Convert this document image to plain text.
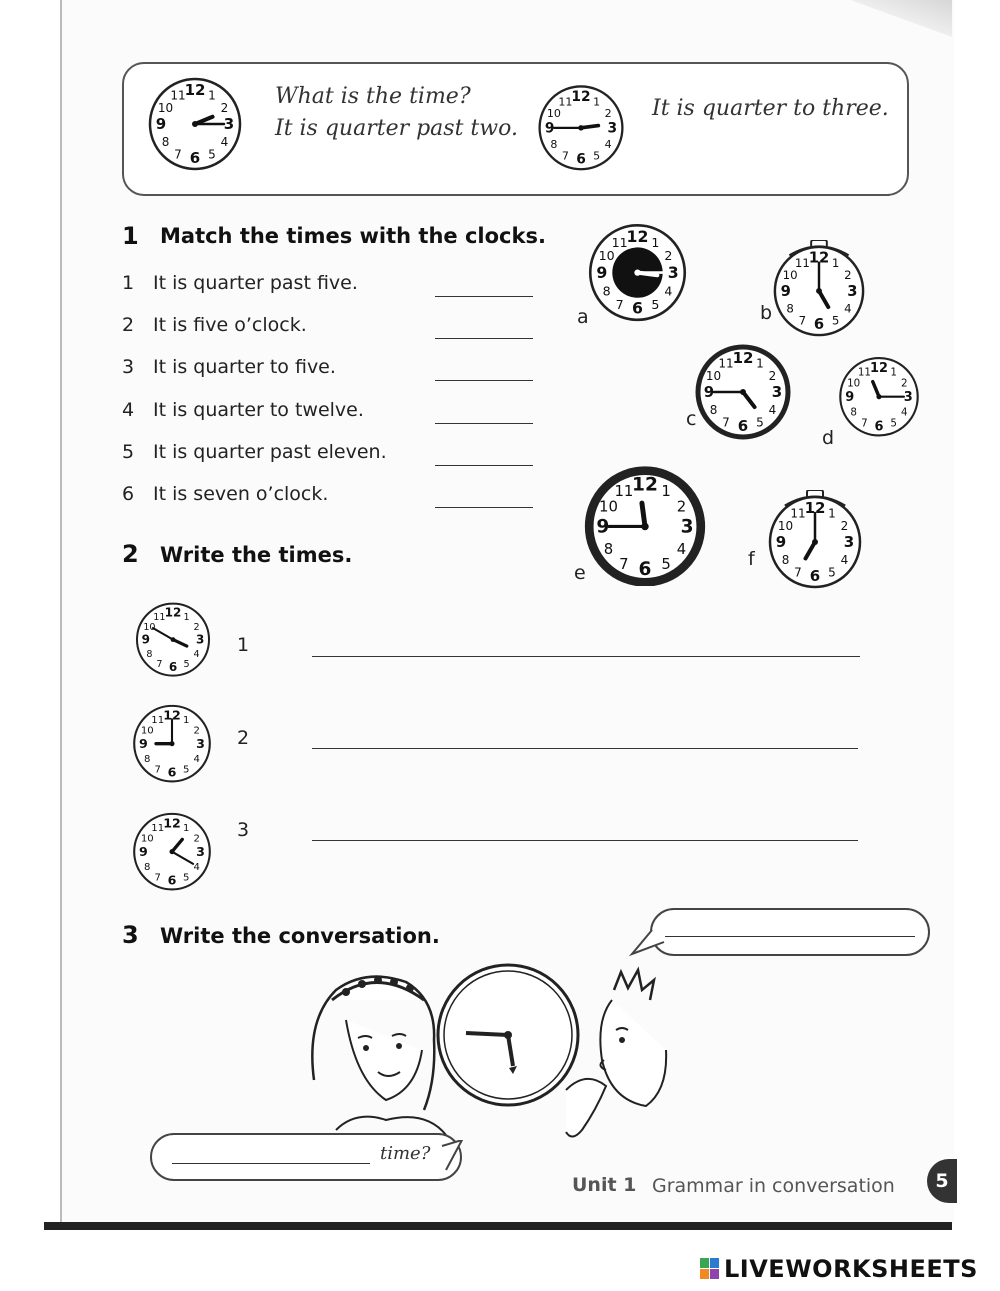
12 1
2
3
4
5
6
7
8
9
10
11	What is the time?
It is quarter past two.
12 1
2
3
4
5
6
7
8
9
10
11	It is quarter to three.
1 Match the times with the clocks.
1 It is quarter past five.
2 It is five o’clock.
3 It is quarter to five.
4 It is quarter to twelve.
5 It is quarter past eleven.
6 It is seven o’clock.
12 1
2
3
4
5
6
7
8
9
10
11
a
12 1
2
3
4
5
6
7
8
9
10
11
b
12 1
2
3
4
5
6
7
8
9
10
11
c
12 1
2
3
4
5
6
7
8
9
10
11
d
12 1
2
3
4
5
6
7
8
9
10
11
e
12 1
2
3
4
5
6
7
8
9
10
11
f
2 Write the times.
12 1
2
3
4
5
6
7
8
9
10
11
1
12 1
2
3
4
5
6
7
8
9
10
11
2
12 1
2
3
4
5
6
7
8
9
10
11	3
3 Write the conversation.
time?
Unit 1 Grammar in conversation	5
LIVEWORKSHEETS
